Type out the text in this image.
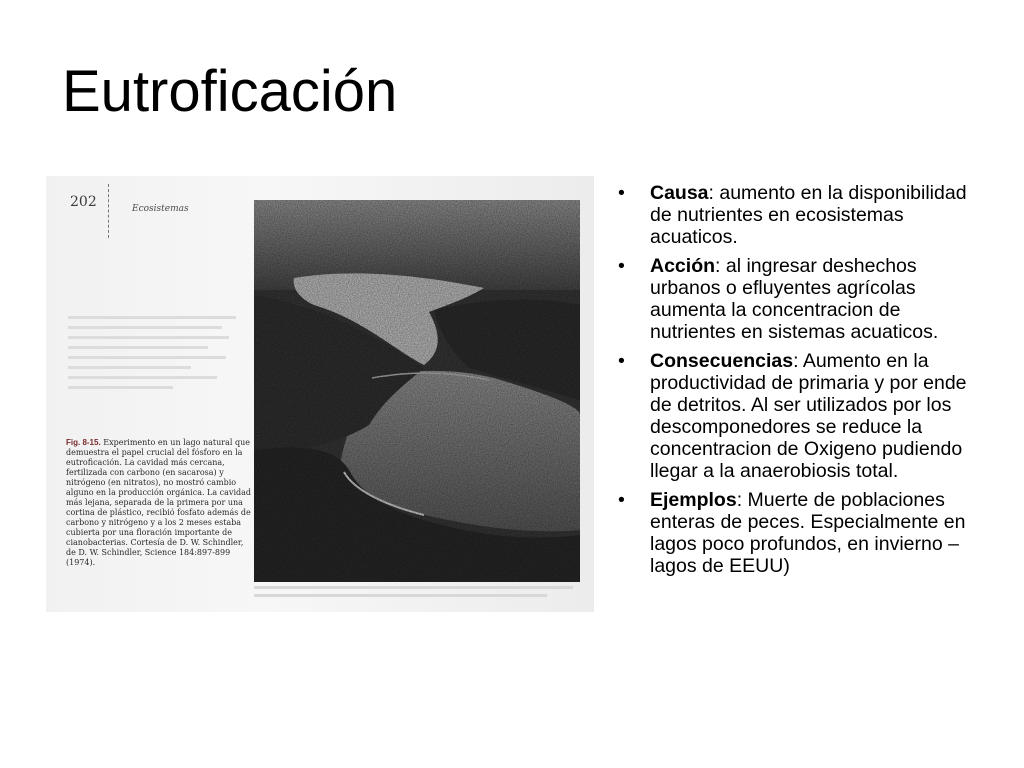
Eutroficación
202	Ecosistemas
Fig. 8-15. Experimento en un lago natural que demuestra el papel crucial del fósforo en la eutroficación. La cavidad más cercana, fertilizada con carbono (en sacarosa) y nitrógeno (en nitratos), no mostró cambio alguno en la producción orgánica. La cavidad más lejana, separada de la primera por una cortina de plástico, recibió fosfato además de carbono y nitrógeno y a los 2 meses estaba cubierta por una floración importante de cianobacterias. Cortesía de D. W. Schindler, de D. W. Schindler, Science 184:897-899 (1974).
• Causa: aumento en la disponibilidad de nutrientes en ecosistemas acuaticos.
• Acción: al ingresar deshechos urbanos o efluyentes agrícolas aumenta la concentracion de nutrientes en sistemas acuaticos.
• Consecuencias: Aumento en la productividad de primaria y por ende de detritos. Al ser utilizados por los descomponedores se reduce la concentracion de Oxigeno pudiendo llegar a la anaerobiosis total.
• Ejemplos: Muerte de poblaciones enteras de peces. Especialmente en lagos poco profundos, en invierno – lagos de EEUU)
